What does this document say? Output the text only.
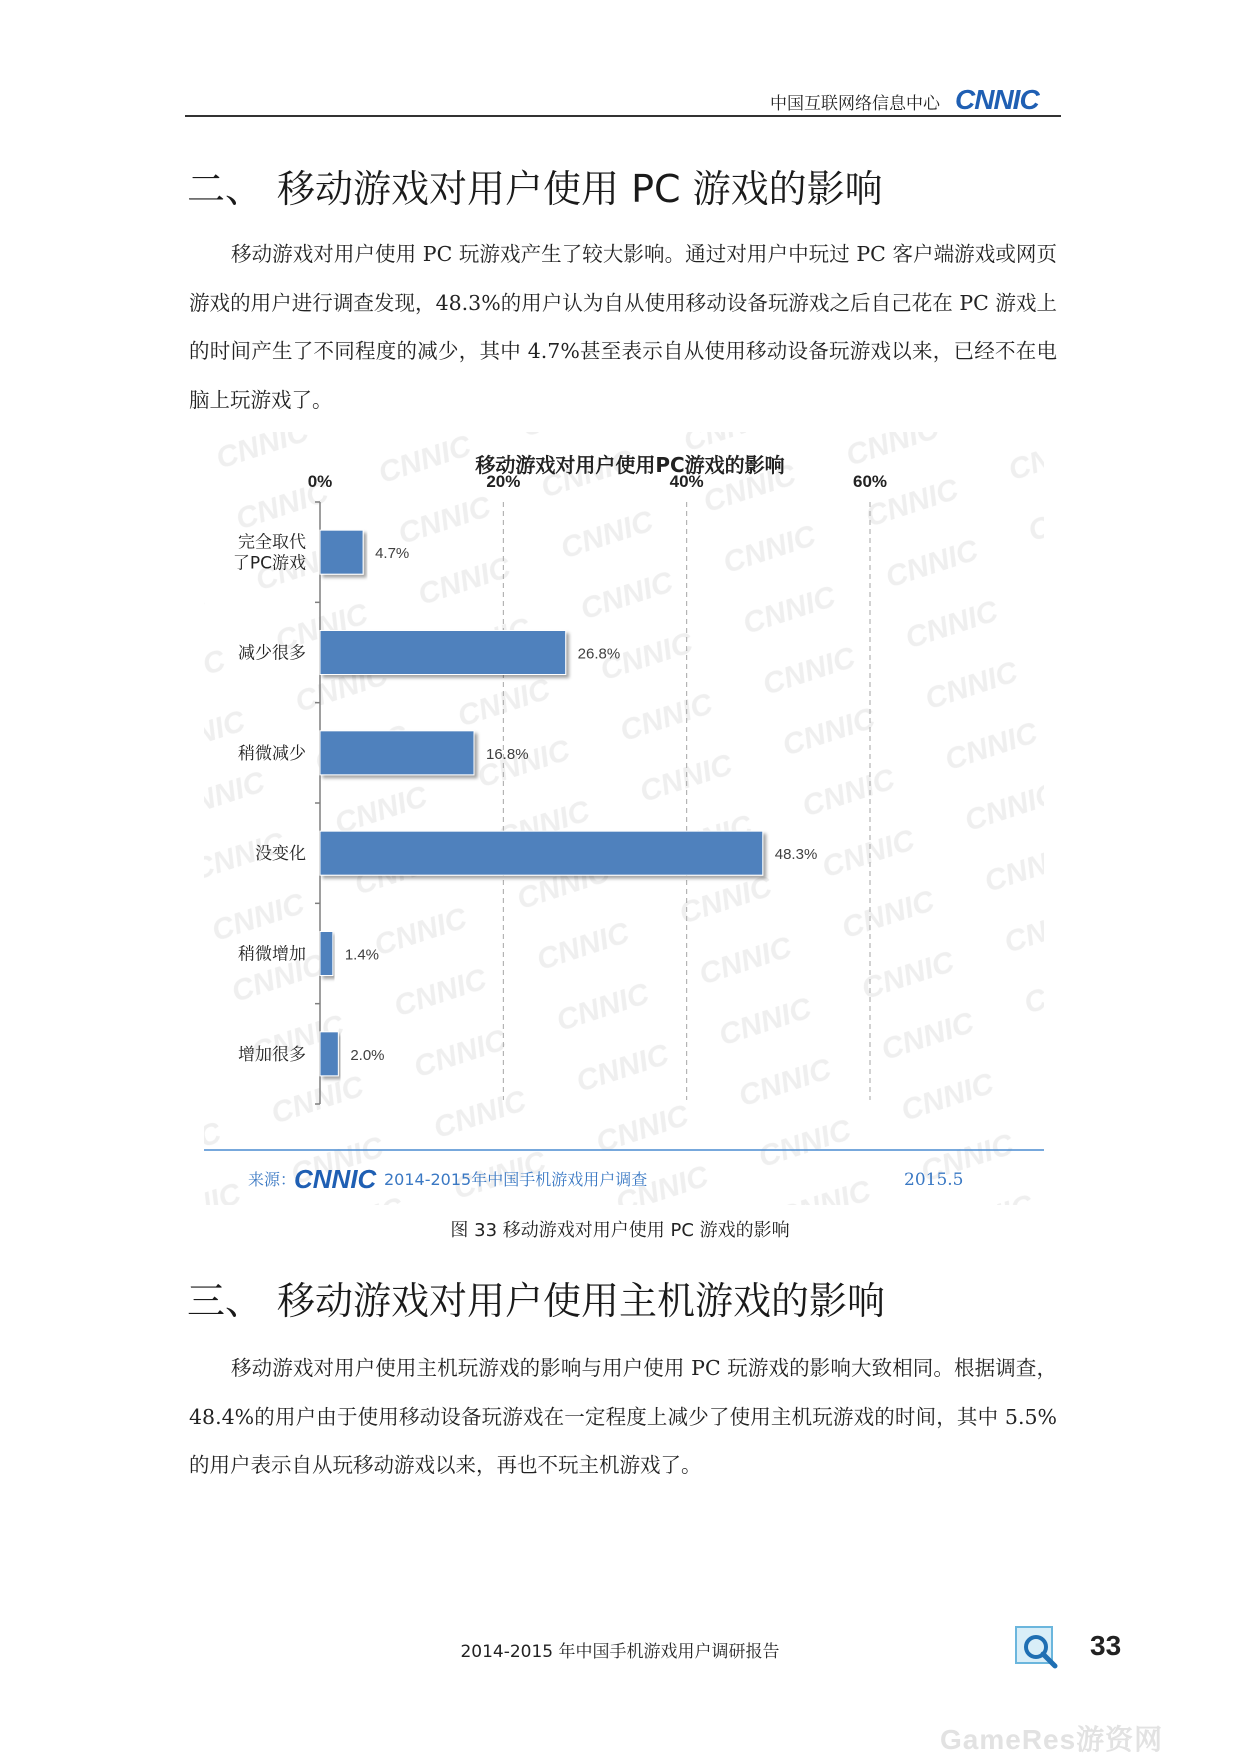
中国互联网络信息中心 CNNIC
二、 移动游戏对用户使用 PC 游戏的影响

移动游戏对用户使用 PC 玩游戏产生了较大影响。通过对用户中玩过 PC 客户端游戏或网页游戏的用户进行调查发现，48.3%的用户认为自从使用移动设备玩游戏之后自己花在 PC 游戏上的时间产生了不同程度的减少，其中 4.7%甚至表示自从使用移动设备玩游戏以来，已经不在电脑上玩游戏了。

0%	20%	40%	60%
4.7%
完全取代了PC游戏
26.8%
减少很多
16.8%
稍微减少
48.3%
没变化
1.4%
稍微增加
2.0%
增加很多
移动游戏对用户使用PC游戏的影响
来源：
CNNIC 2014-2015年中国手机游戏用户调查	2015.5
图 33 移动游戏对用户使用 PC 游戏的影响
三、 移动游戏对用户使用主机游戏的影响

移动游戏对用户使用主机玩游戏的影响与用户使用 PC 玩游戏的影响大致相同。根据调查，48.4%的用户由于使用移动设备玩游戏在一定程度上减少了使用主机玩游戏的时间，其中 5.5%的用户表示自从玩移动游戏以来，再也不玩主机游戏了。

2014-2015 年中国手机游戏用户调研报告	33
GameRes游资网
